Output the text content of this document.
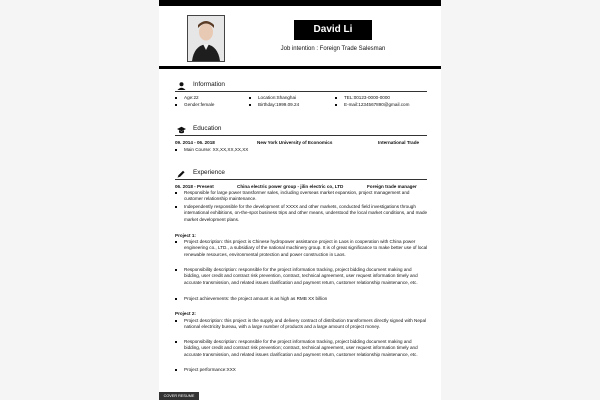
David Li
Job intention : Foreign Trade Salesman
Information
Age:22	Location:Shanghai	TEL:00123-0000-0000
Gender:female	Birthday:1999.09.24	E-mail:1234567890@gmail.com
Education
09. 2014 - 06. 2018	New York University of Economics	International Trade
Main Course: XX,XX,XX,XX,XX
Experience
06. 2018 - Present	China electric power group - jilin electric co, LTD	Foreign trade manager
Responsible for large power transformer sales, including overseas market expansion, project management and customer relationship maintenance.
Independently responsible for the development of XXXX and other markets, conducted field investigations through international exhibitions, on-the-spot business trips and other means, understood the local market conditions, and made market development plans.
Project 1:
Project description: this project is Chinese hydropower assistance project in Laos in cooperation with China power engineering co., LTD., a subsidiary of the national machinery group. It is of great significance to make better use of local renewable resources, environmental protection and power construction in Laos.
Responsibility description: responsible for the project information tracking, project bidding document making and bidding, user credit and contract risk prevention, contract, technical agreement, user request information timely and accurate transmission, and related issues clarification and payment return, customer relationship maintenance, etc.
Project achievements: the project amount is as high as RMB XX billion
Project 2:
Project description: this project is the supply and delivery contract of distribution transformers directly signed with Nepal national electricity bureau, with a large number of products and a large amount of project money.
Responsibility description: responsible for the project information tracking, project bidding document making and bidding, user credit and contract risk prevention; contract, technical agreement, user request information timely and accurate transmission, and related issues clarification and payment return, customer relationship maintenance, etc.
Project performance:XXX
COVER RESUME
